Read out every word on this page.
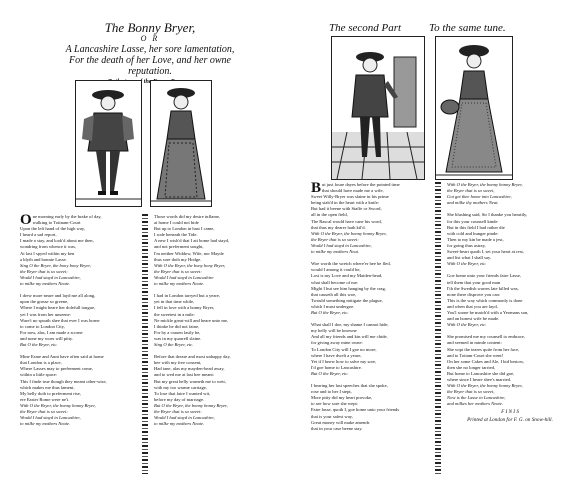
The Bonny Bryer,
O R
A Lancashire Lasse, her sore lamentation,
For the death of her Love, and her owne reputation.
the
O ne morning early by the brake of day,
walking to Tottnam-Court
Upon the left hand of the high way,
I heard a sad report,
I made a stay, and look'd about me then,
wondring from whence it was,
At last I spyed within my ken
a blyth and bonnie Lasse.
Sing O the Bryer, the bony bony Bryer,
the Bryer that is so sweet:
Would I had stayd in Lancashire,
to milke my mothers Neate.

I drew more neare and layd me all along,
upon the grasse so greene,
Where I might heare her dolefull tongue,
yet I was from her unseene:
Ware't no spoath shee that ever I was borne
to come to London City,
For now, alas, I am made a scorne
and none my woes will pitty.
But O the Bryer, etc.

Mine Esme and Aunt have often said at home
that London is a place,
Where Lasses may to preferment come,
within a little space:
This I finde true though they meant other-wise,
which makes me thus lament,
My belly doth to preferment rise,
ere Easter Rome were ne't.
With O the Bryer, the bonny bonny Bryer,
the Bryer that is so sweet:
Would I had stayd in Lancashire,
to milke my mothers Neate.
Those words did my desire inflame,
at home I could not bide
But up to London in hast I came,
I rode beneath the Tide.
A new I wish'd that I att home had stayd,
and not preferment sought,
I'm neither Widdow, Wife, nor Mayde
thus sore doth my Hodge.
With O the Bryer, the bony bony Bryer,
the Bryer that is so sweet:
Would I had stayd in Lancashire
to milke my mothers Neate.

I had in London tarryed but a yeare,
yet in that time while,
I fell in love with a bonny Bryer,
the sweetest in a mile:
Ne mickle great-will and beare unto me,
I thinke he did not faine,
For by a crauen lastly he,
was in my quarrell slaine.
Sing O the Bryer, etc.

Before that dreare and most unhappy day,
hee with my free consent,
Had tane, alas my mayden-head away,
and to wed me at last hee meant:
But my great belly warneth me to wett,
with my too warme carriage,
To lose that faire I wanted wit,
before my day of marriage.
But O the Bryer, the bonny bonny Bryer,
the Bryer that is so sweet:
Would I had stayd in Lancashire,
to milke my mothers Neate.
The second Part	To the same tune.
B ut just foure dayes before the pointed time
that should have made me a wife,
Sweet Willy-Bryer was slaine in his prime
being stab'd in the heart with a knife:
But had it beene with Staffe or Sword,
all in the open field,
The Rascal would have cane his word,
that thus my dearer hath kil'd.
With O the Bryer, the bonny bonny Bryer,
the Bryer that is so sweet:
Would I had stayd in Lancashire,
to milke my mothers Neat.

Woe worth the wretch where'er hee be fled,
would I among it could be,
Lost is my Love and my Maiden-head,
what shall become of me:
Might I but see him hanging by the crag,
that causeth all this woe,
Twould something mitigate the plague,
which I must undergoe.
But O the Bryer, etc.

What shall I doe, my shame I cannot hide,
my belly will be knowne
And all my friends and kin will me chide,
for giving away mine owne:
To London City will I goe no more,
where I have dwelt a yeare,
Yet if I knew how to salve my sore,
I'd goe home to Lancashire.
But O the Bryer, etc.

I hearing her last speeches that she spoke,
rose and to her I stept,
More pitty did my heart provoke,
to see how sore she wept:
Faire lasse, quoth I, goe home unto your friends
that is your safest way,
Great money will make amends
that in your case beene stay.
With O the Bryer, the bonny bonny Bryer,
the Bryer that is so sweet,
Got get thee home into Lancashire,
and milke thy mothers Neat.

She blushing said, Sir I thanke you heartily,
for this your counsell kinde
But in this field I had rather die
with cold and hunger pinde:
Then to my kin be made a jest,
for going thus astray,
Sweet-heart quoth I, set your heart at rest,
and list what I shall say.
With O the Bryer, etc.

Goe home unto your friends faire Lasse,
tell them that your good man
I'th the Swedish warres late killed was,
none there disprove you can:
This is the way which commonly is done
and when that you are layd,
You'l soone be match'd with a Yeomans son,
and an honest wife be made.
With O the Bryer, etc.

She promised me my counsell to embrace,
and seemed in minde content:
She wipt the teares quite from her face,
and to Tottam-Court she went!
On her some Cakes and Ale, I bid bestow,
then she no longer tarried,
But home to Lancashire she did goe,
where since I heare shee's married.
With O the Bryer, the bonny bonny Bryer,
the Bryer that is so sweet,
Now is the Lasse in Lancashire,
and milkes her mothers Neate.
F I N I S
Printed at London for F. G. on Snow-hill.
